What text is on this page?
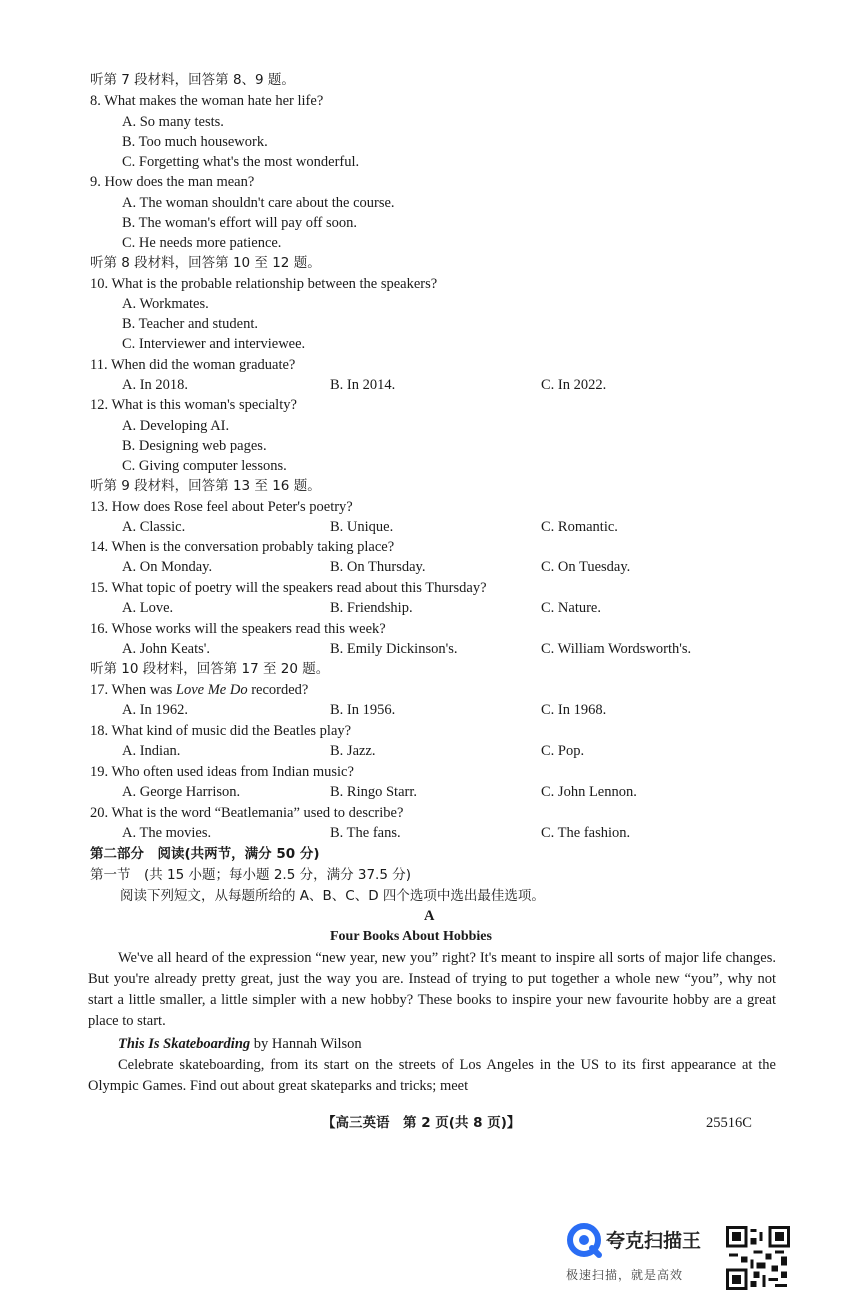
听第 7 段材料，回答第 8、9 题。
8. What makes the woman hate her life?
A. So many tests.
B. Too much housework.
C. Forgetting what's the most wonderful.
9. How does the man mean?
A. The woman shouldn't care about the course.
B. The woman's effort will pay off soon.
C. He needs more patience.
听第 8 段材料，回答第 10 至 12 题。
10. What is the probable relationship between the speakers?
A. Workmates.
B. Teacher and student.
C. Interviewer and interviewee.
11. When did the woman graduate?
A. In 2018.	B. In 2014.	C. In 2022.
12. What is this woman's specialty?
A. Developing AI.
B. Designing web pages.
C. Giving computer lessons.
听第 9 段材料，回答第 13 至 16 题。
13. How does Rose feel about Peter's poetry?
A. Classic.	B. Unique.	C. Romantic.
14. When is the conversation probably taking place?
A. On Monday.	B. On Thursday.	C. On Tuesday.
15. What topic of poetry will the speakers read about this Thursday?
A. Love.	B. Friendship.	C. Nature.
16. Whose works will the speakers read this week?
A. John Keats'.	B. Emily Dickinson's.	C. William Wordsworth's.
听第 10 段材料，回答第 17 至 20 题。
17. When was Love Me Do recorded?
A. In 1962.	B. In 1956.	C. In 1968.
18. What kind of music did the Beatles play?
A. Indian.	B. Jazz.	C. Pop.
19. Who often used ideas from Indian music?
A. George Harrison.	B. Ringo Starr.	C. John Lennon.
20. What is the word “Beatlemania” used to describe?
A. The movies.	B. The fans.	C. The fashion.
第二部分　阅读(共两节，满分 50 分)
第一节　(共 15 小题；每小题 2.5 分，满分 37.5 分)
阅读下列短文，从每题所给的 A、B、C、D 四个选项中选出最佳选项。
A
Four Books About Hobbies
We've all heard of the expression “new year, new you” right? It's meant to inspire all sorts of major life changes. But you're already pretty great, just the way you are. Instead of trying to put together a whole new “you”, why not start a little smaller, a little simpler with a new hobby? These books to inspire your new favourite hobby are a great place to start.
This Is Skateboarding by Hannah Wilson
Celebrate skateboarding, from its start on the streets of Los Angeles in the US to its first appearance at the Olympic Games. Find out about great skateparks and tricks; meet
【高三英语　第 2 页(共 8 页)】	25516C
夸克扫描王
极速扫描，就是高效
